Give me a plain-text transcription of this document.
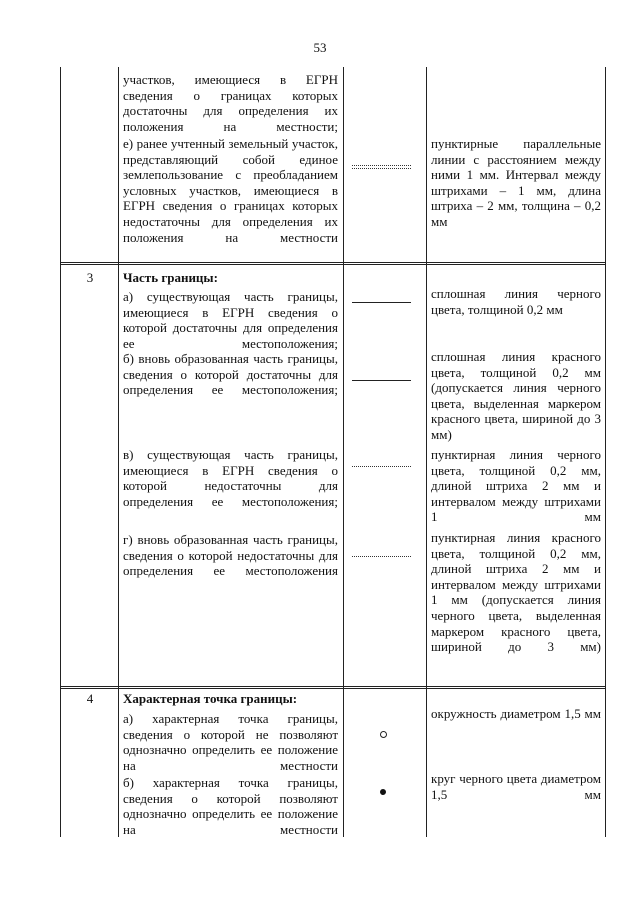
53
участков, имеющиеся в ЕГРН сведения о границах которых достаточны для определения их положения на местности;
е) ранее учтенный земельный участок, представляющий собой единое землепользование с преобладанием условных участков, имеющиеся в ЕГРН сведения о границах которых недостаточны для определения их положения на местности
пунктирные параллельные линии с расстоянием между ними 1 мм. Интервал между штрихами – 1 мм, длина штриха – 2 мм, толщина – 0,2 мм
3	Часть границы:
а) существующая часть границы, имеющиеся в ЕГРН сведения о которой достаточны для определения ее местоположения;
сплошная линия черного цвета, толщиной 0,2 мм
б) вновь образованная часть границы, сведения о которой достаточны для определения ее местоположения;
сплошная линия красного цвета, толщиной 0,2 мм (допускается линия черного цвета, выделенная маркером красного цвета, шириной до 3 мм)
в) существующая часть границы, имеющиеся в ЕГРН сведения о которой недостаточны для определения ее местоположения;
пунктирная линия черного цвета, толщиной 0,2 мм, длиной штриха 2 мм и интервалом между штрихами 1 мм
г) вновь образованная часть границы, сведения о которой недостаточны для определения ее местоположения
пунктирная линия красного цвета, толщиной 0,2 мм, длиной штриха 2 мм и интервалом между штрихами 1 мм (допускается линия черного цвета, выделенная маркером красного цвета, шириной до 3 мм)
4	Характерная точка границы:
а) характерная точка границы, сведения о которой не позволяют однозначно определить ее положение на местности
окружность диаметром 1,5 мм
б) характерная точка границы, сведения о которой позволяют однозначно определить ее положение на местности
круг черного цвета диаметром 1,5 мм
